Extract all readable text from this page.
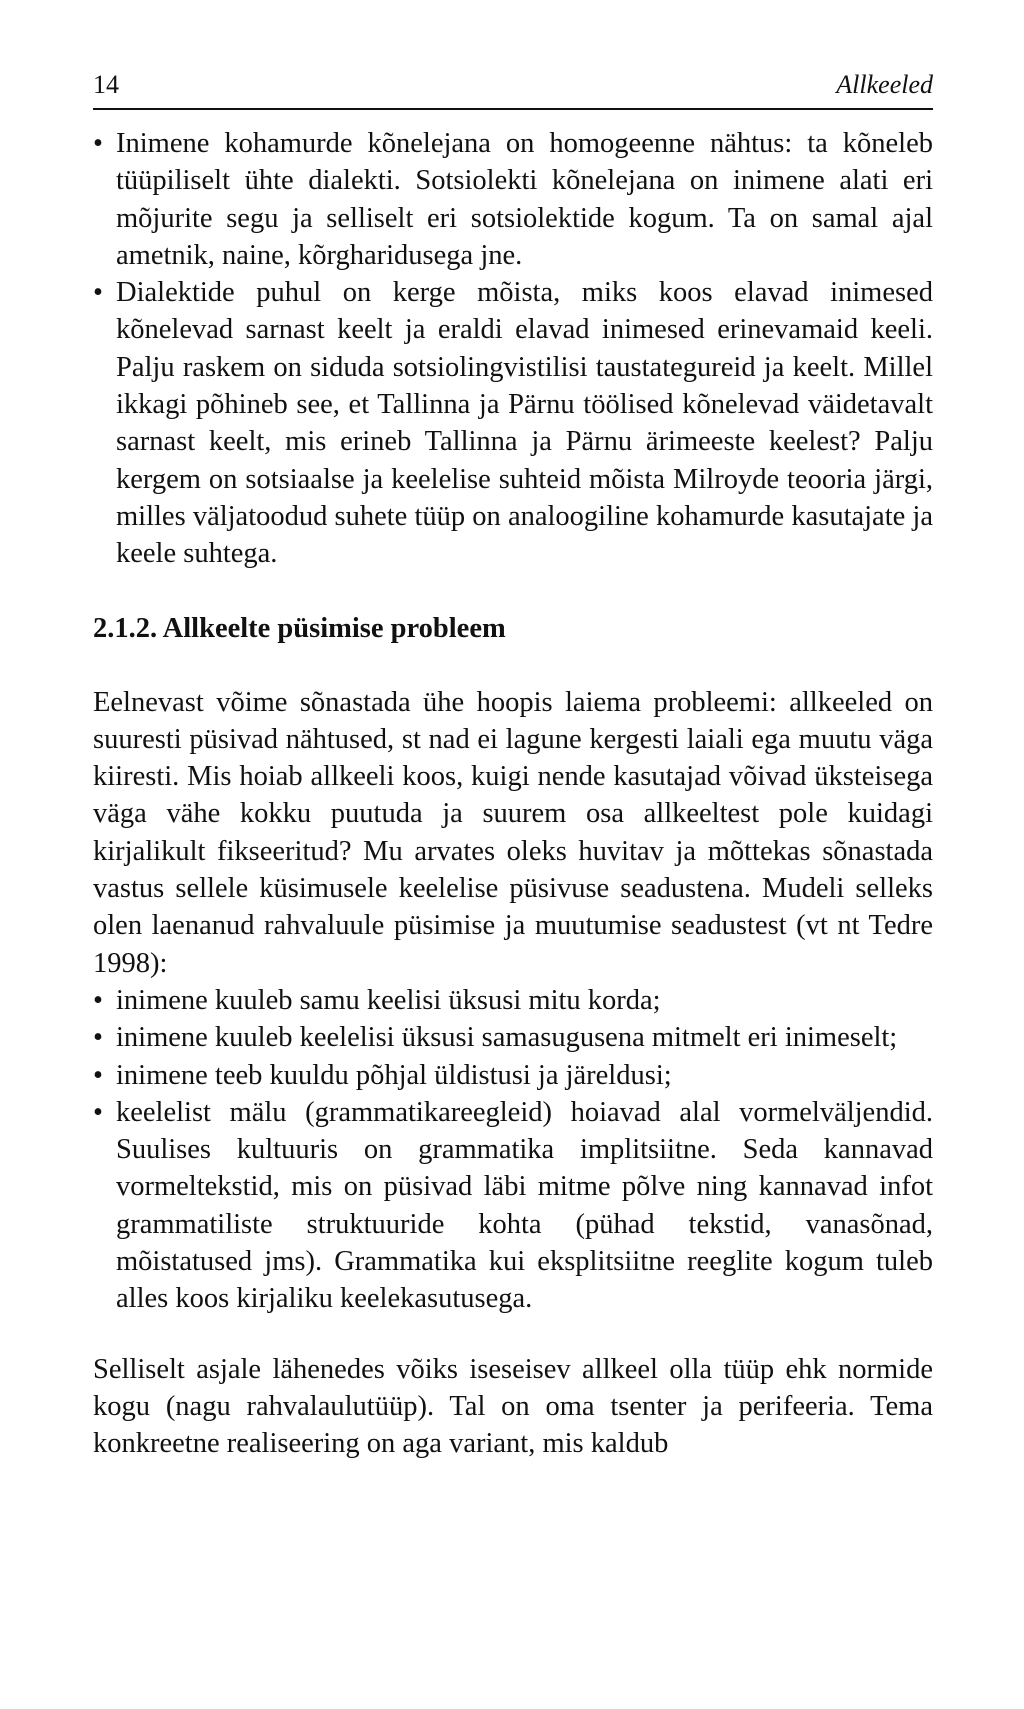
14	Allkeeled
• Inimene kohamurde kõnelejana on homogeenne nähtus: ta kõneleb tüüpiliselt ühte dialekti. Sotsiolekti kõnelejana on inimene alati eri mõjurite segu ja selliselt eri sotsiolektide kogum. Ta on samal ajal ametnik, naine, kõrgharidusega jne.
• Dialektide puhul on kerge mõista, miks koos elavad inimesed kõnelevad sarnast keelt ja eraldi elavad inimesed erinevamaid keeli. Palju raskem on siduda sotsiolingvistilisi taustategureid ja keelt. Millel ikkagi põhineb see, et Tallinna ja Pärnu töölised kõnelevad väidetavalt sarnast keelt, mis erineb Tallinna ja Pärnu ärimeeste keelest? Palju kergem on sotsiaalse ja keelelise suhteid mõista Milroyde teooria järgi, milles väljatoodud suhete tüüp on analoogiline kohamurde kasutajate ja keele suhtega.
2.1.2. Allkeelte püsimise probleem

Eelnevast võime sõnastada ühe hoopis laiema probleemi: allkeeled on suuresti püsivad nähtused, st nad ei lagune kergesti laiali ega muutu väga kiiresti. Mis hoiab allkeeli koos, kuigi nende kasutajad võivad üksteisega väga vähe kokku puutuda ja suurem osa allkeeltest pole kuidagi kirjalikult fikseeritud? Mu arvates oleks huvitav ja mõttekas sõnastada vastus sellele küsimusele keelelise püsivuse seadustena. Mudeli selleks olen laenanud rahvaluule püsimise ja muutumise seadustest (vt nt Tedre 1998):

• inimene kuuleb samu keelisi üksusi mitu korda;
• inimene kuuleb keelelisi üksusi samasugusena mitmelt eri inimeselt;
• inimene teeb kuuldu põhjal üldistusi ja järeldusi;
• keelelist mälu (grammatikareegleid) hoiavad alal vormelväljendid. Suulises kultuuris on grammatika implitsiitne. Seda kannavad vormeltekstid, mis on püsivad läbi mitme põlve ning kannavad infot grammatiliste struktuuride kohta (pühad tekstid, vanasõnad, mõistatused jms). Grammatika kui eksplitsiitne reeglite kogum tuleb alles koos kirjaliku keelekasutusega.

Selliselt asjale lähenedes võiks iseseisev allkeel olla tüüp ehk normide kogu (nagu rahvalaulutüüp). Tal on oma tsenter ja perifeeria. Tema konkreetne realiseering on aga variant, mis kaldub
